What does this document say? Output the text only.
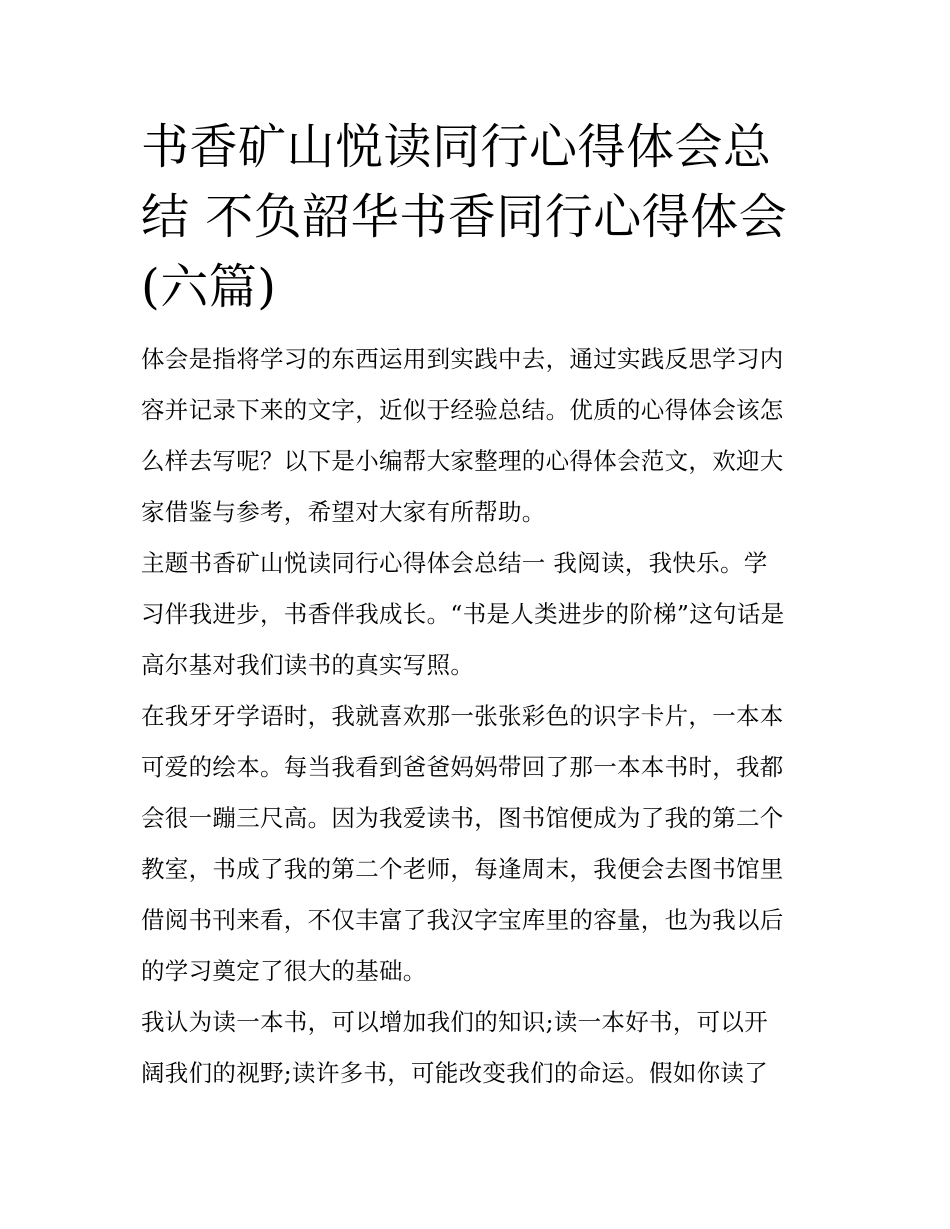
书香矿山悦读同行心得体会总
结 不负韶华书香同行心得体会
(六篇)

体会是指将学习的东西运用到实践中去，通过实践反思学习内
容并记录下来的文字，近似于经验总结。优质的心得体会该怎
么样去写呢？以下是小编帮大家整理的心得体会范文，欢迎大
家借鉴与参考，希望对大家有所帮助。

主题书香矿山悦读同行心得体会总结一 我阅读，我快乐。学
习伴我进步，书香伴我成长。“书是人类进步的阶梯”这句话是
高尔基对我们读书的真实写照。

在我牙牙学语时，我就喜欢那一张张彩色的识字卡片，一本本
可爱的绘本。每当我看到爸爸妈妈带回了那一本本书时，我都
会很一蹦三尺高。因为我爱读书，图书馆便成为了我的第二个
教室，书成了我的第二个老师，每逢周末，我便会去图书馆里
借阅书刊来看，不仅丰富了我汉字宝库里的容量，也为我以后
的学习奠定了很大的基础。

我认为读一本书，可以增加我们的知识;读一本好书，可以开
阔我们的视野;读许多书，可能改变我们的命运。假如你读了
